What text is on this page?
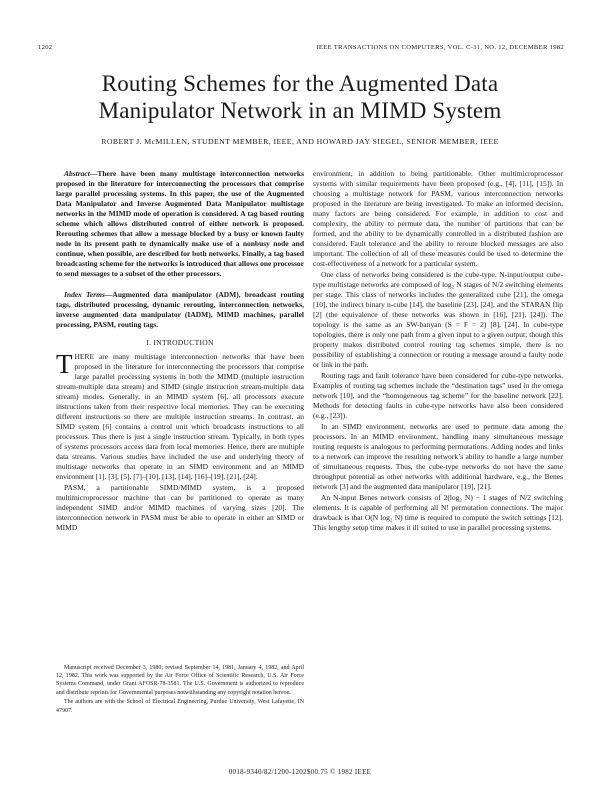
1202	IEEE TRANSACTIONS ON COMPUTERS, VOL. C-31, NO. 12, DECEMBER 1982
Routing Schemes for the Augmented Data
Manipulator Network in an MIMD System
ROBERT J. McMILLEN, STUDENT MEMBER, IEEE, AND HOWARD JAY SIEGEL, SENIOR MEMBER, IEEE

Abstract—There have been many multistage interconnection networks proposed in the literature for interconnecting the processors that comprise large parallel processing systems. In this paper, the use of the Augmented Data Manipulator and Inverse Augmented Data Manipulator multistage networks in the MIMD mode of operation is considered. A tag based routing scheme which allows distributed control of either network is proposed. Rerouting schemes that allow a message blocked by a busy or known faulty node in its present path to dynamically make use of a nonbusy node and continue, when possible, are described for both networks. Finally, a tag based broadcasting scheme for the networks is introduced that allows one processor to send messages to a subset of the other processors.

Index Terms—Augmented data manipulator (ADM), broadcast routing tags, distributed processing, dynamic rerouting, interconnection networks, inverse augmented data manipulator (IADM), MIMD machines, parallel processing, PASM, routing tags.

I. INTRODUCTION

THERE are many multistage interconnection networks that have been proposed in the literature for interconnecting the processors that comprise large parallel processing systems in both the MIMD (multiple instruction stream-multiple data stream) and SIMD (single instruction stream-multiple data stream) modes. Generally, in an MIMD system [6], all processors execute instructions taken from their respective local memories. They can be executing different instructions so there are multiple instruction streams. In contrast, an SIMD system [6] contains a control unit which broadcasts instructions to all processors. Thus there is just a single instruction stream. Typically, in both types of systems processors access data from local memories. Hence, there are multiple data streams. Various studies have included the use and underlying theory of multistage networks that operate in an SIMD environment and an MIMD environment [1], [3], [5], [7]–[10], [13], [14], [16]–[19], [21], [24].

PASM, a partitionable SIMD/MIMD system, is a proposed multimicroprocessor machine that can be partitioned to operate as many independent SIMD and/or MIMD machines of varying sizes [20]. The interconnection network in PASM must be able to operate in either an SIMD or MIMD

Manuscript received December 3, 1980; revised September 14, 1981, January 4, 1982, and April 12, 1982. This work was supported by the Air Force Office of Scientific Research, U.S. Air Force Systems Command, under Grant AFOSR-78-3581. The U.S. Government is authorized to reproduce and distribute reprints for Governmental purposes notwithstanding any copyright notation hereon.

The authors are with the School of Electrical Engineering, Purdue University, West Lafayette, IN 47907.

environment, in addition to being partitionable. Other multimicroprocessor systems with similar requirements have been proposed (e.g., [4], [11], [15]). In choosing a multistage network for PASM, various interconnection networks proposed in the literature are being investigated. To make an informed decision, many factors are being considered. For example, in addition to cost and complexity, the ability to permute data, the number of partitions that can be formed, and the ability to be dynamically controlled in a distributed fashion are considered. Fault tolerance and the ability to reroute blocked messages are also important. The collection of all of these measures could be used to determine the cost-effectiveness of a network for a particular system.

One class of networks being considered is the cube-type. N-input/output cube-type multistage networks are composed of log₂ N stages of N/2 switching elements per stage. This class of networks includes the generalized cube [21], the omega [10], the indirect binary n-cube [14], the baseline [23], [24], and the STARAN flip [2] (the equivalence of these networks was shown in [16], [21], [24]). The topology is the same as an SW-banyan (S = F = 2) [8], [24]. In cube-type topologies, there is only one path from a given input to a given output; though this property makes distributed control routing tag schemes simple, there is no possibility of establishing a connection or routing a message around a faulty node or link in the path.

Routing tags and fault tolerance have been considered for cube-type networks. Examples of routing tag schemes include the “destination tags” used in the omega network [10], and the “homogeneous tag scheme” for the baseline network [22]. Methods for detecting faults in cube-type networks have also been considered (e.g., [23]).

In an SIMD environment, networks are used to permute data among the processors. In an MIMD environment, handling many simultaneous message routing requests is analogous to performing permutations. Adding nodes and links to a network can improve the resulting network’s ability to handle a large number of simultaneous requests. Thus, the cube-type networks do not have the same throughput potential as other networks with additional hardware, e.g., the Benes network [3] and the augmented data manipulator [19], [21].

An N-input Benes network consists of 2(log₂ N) − 1 stages of N/2 switching elements. It is capable of performing all N! permutation connections. The major drawback is that O(N log₂ N) time is required to compute the switch settings [12]. This lengthy setup time makes it ill suited to use in parallel processing systems.

0018-9340/82/1200-1202$00.75 © 1982 IEEE
